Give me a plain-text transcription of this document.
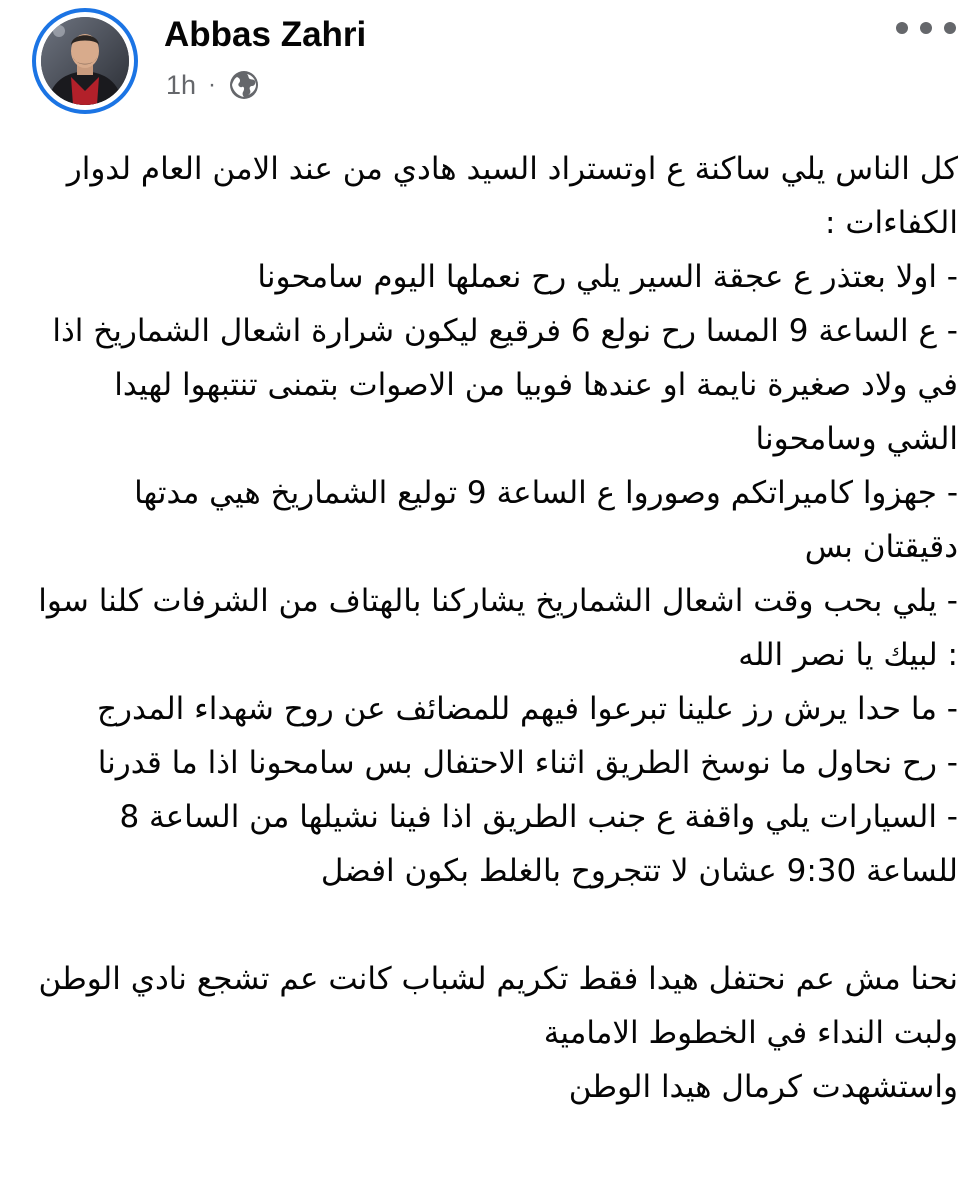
Abbas Zahri
1h ·

كل الناس يلي ساكنة ع اوتستراد السيد هادي من عند الامن العام لدوار الكفاءات :

- اولا بعتذر ع عجقة السير يلي رح نعملها اليوم سامحونا

- ع الساعة 9 المسا رح نولع 6 فرقيع ليكون شرارة اشعال الشماريخ اذا في ولاد صغيرة نايمة او عندها فوبيا من الاصوات بتمنى تنتبهوا لهيدا الشي وسامحونا

- جهزوا كاميراتكم وصوروا ع الساعة 9 توليع الشماريخ هيي مدتها دقيقتان بس

- يلي بحب وقت اشعال الشماريخ يشاركنا بالهتاف من الشرفات كلنا سوا : لبيك يا نصر الله

- ما حدا يرش رز علينا تبرعوا فيهم للمضائف عن روح شهداء المدرج

- رح نحاول ما نوسخ الطريق اثناء الاحتفال بس سامحونا اذا ما قدرنا

- السيارات يلي واقفة ع جنب الطريق اذا فينا نشيلها من الساعة 8 للساعة 9:30 عشان لا تتجروح بالغلط بكون افضل

نحنا مش عم نحتفل هيدا فقط تكريم لشباب كانت عم تشجع نادي الوطن

ولبت النداء في الخطوط الامامية

واستشهدت كرمال هيدا الوطن
